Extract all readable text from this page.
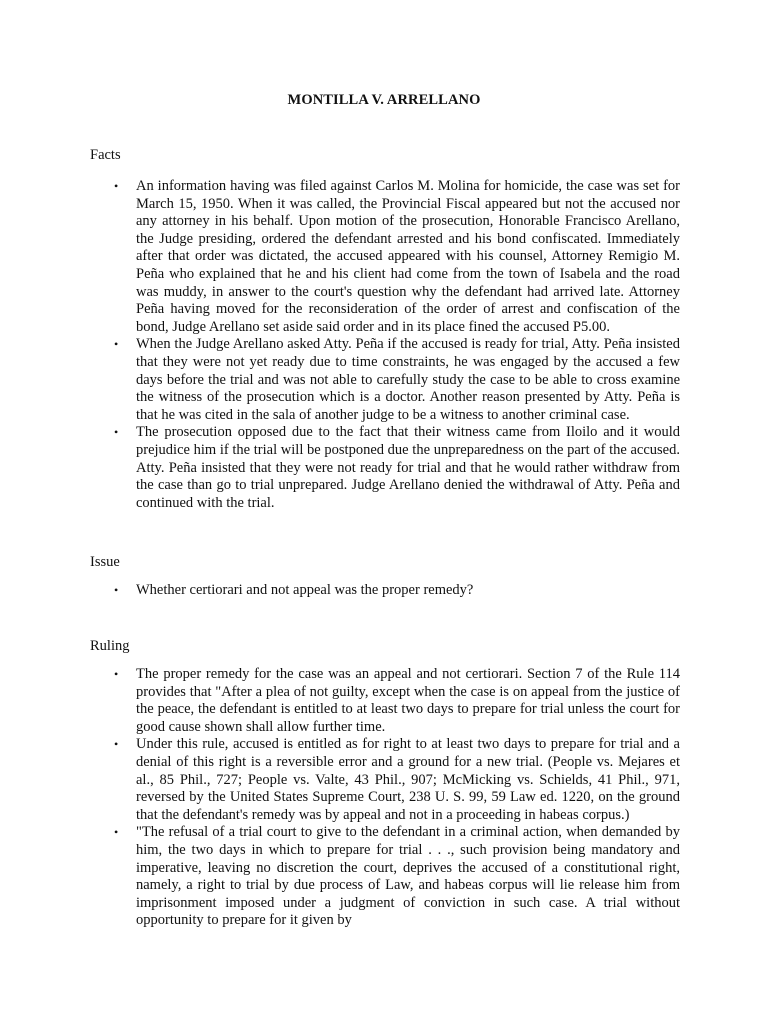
MONTILLA V. ARRELLANO
Facts
• An information having was filed against Carlos M. Molina for homicide, the case was set for March 15, 1950. When it was called, the Provincial Fiscal appeared but not the accused nor any attorney in his behalf. Upon motion of the prosecution, Honorable Francisco Arellano, the Judge presiding, ordered the defendant arrested and his bond confiscated. Immediately after that order was dictated, the accused appeared with his counsel, Attorney Remigio M. Peña who explained that he and his client had come from the town of Isabela and the road was muddy, in answer to the court's question why the defendant had arrived late. Attorney Peña having moved for the reconsideration of the order of arrest and confiscation of the bond, Judge Arellano set aside said order and in its place fined the accused P5.00.
• When the Judge Arellano asked Atty. Peña if the accused is ready for trial, Atty. Peña insisted that they were not yet ready due to time constraints, he was engaged by the accused a few days before the trial and was not able to carefully study the case to be able to cross examine the witness of the prosecution which is a doctor. Another reason presented by Atty. Peña is that he was cited in the sala of another judge to be a witness to another criminal case.
• The prosecution opposed due to the fact that their witness came from Iloilo and it would prejudice him if the trial will be postponed due the unpreparedness on the part of the accused. Atty. Peña insisted that they were not ready for trial and that he would rather withdraw from the case than go to trial unprepared. Judge Arellano denied the withdrawal of Atty. Peña and continued with the trial.
Issue
• Whether certiorari and not appeal was the proper remedy?
Ruling
• The proper remedy for the case was an appeal and not certiorari. Section 7 of the Rule 114 provides that "After a plea of not guilty, except when the case is on appeal from the justice of the peace, the defendant is entitled to at least two days to prepare for trial unless the court for good cause shown shall allow further time.
• Under this rule, accused is entitled as for right to at least two days to prepare for trial and a denial of this right is a reversible error and a ground for a new trial. (People vs. Mejares et al., 85 Phil., 727; People vs. Valte, 43 Phil., 907; McMicking vs. Schields, 41 Phil., 971, reversed by the United States Supreme Court, 238 U. S. 99, 59 Law ed. 1220, on the ground that the defendant's remedy was by appeal and not in a proceeding in habeas corpus.)
• "The refusal of a trial court to give to the defendant in a criminal action, when demanded by him, the two days in which to prepare for trial . . ., such provision being mandatory and imperative, leaving no discretion the court, deprives the accused of a constitutional right, namely, a right to trial by due process of Law, and habeas corpus will lie release him from imprisonment imposed under a judgment of conviction in such case. A trial without opportunity to prepare for it given by
